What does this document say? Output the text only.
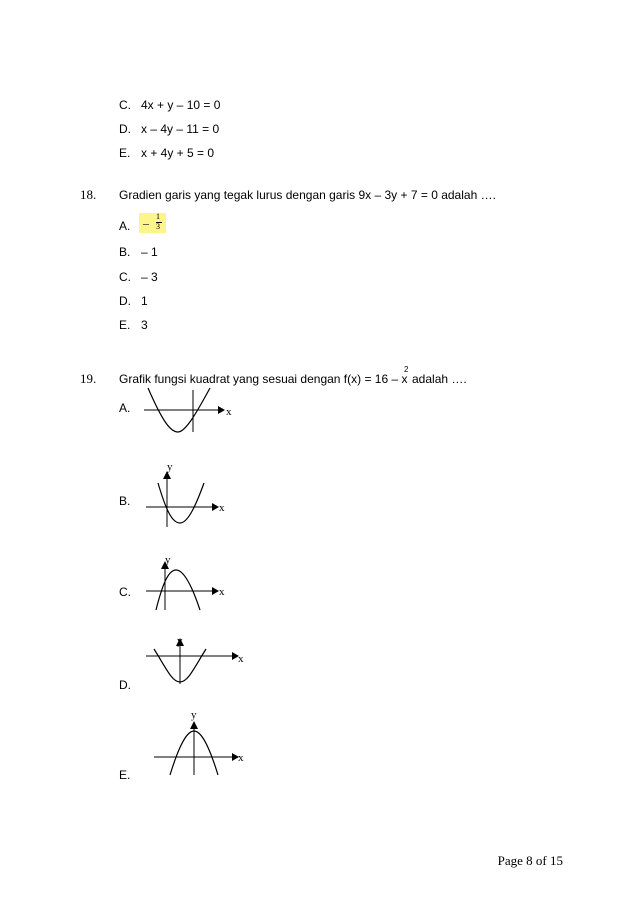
C. 4x + y – 10 = 0
D. x – 4y – 11 = 0
E. x + 4y + 5 = 0
18. Gradien garis yang tegak lurus dengan garis 9x – 3y + 7 = 0 adalah ….
A. – 1
3
B. – 1
C. – 3
D. 1
E. 3
19. Grafik fungsi kuadrat yang sesuai dengan f(x) = 16 – x
2
adalah ….
A.	x
B.
y
x
C.
y
x
D.
y
x
E.
y
x
Page 8 of 15
